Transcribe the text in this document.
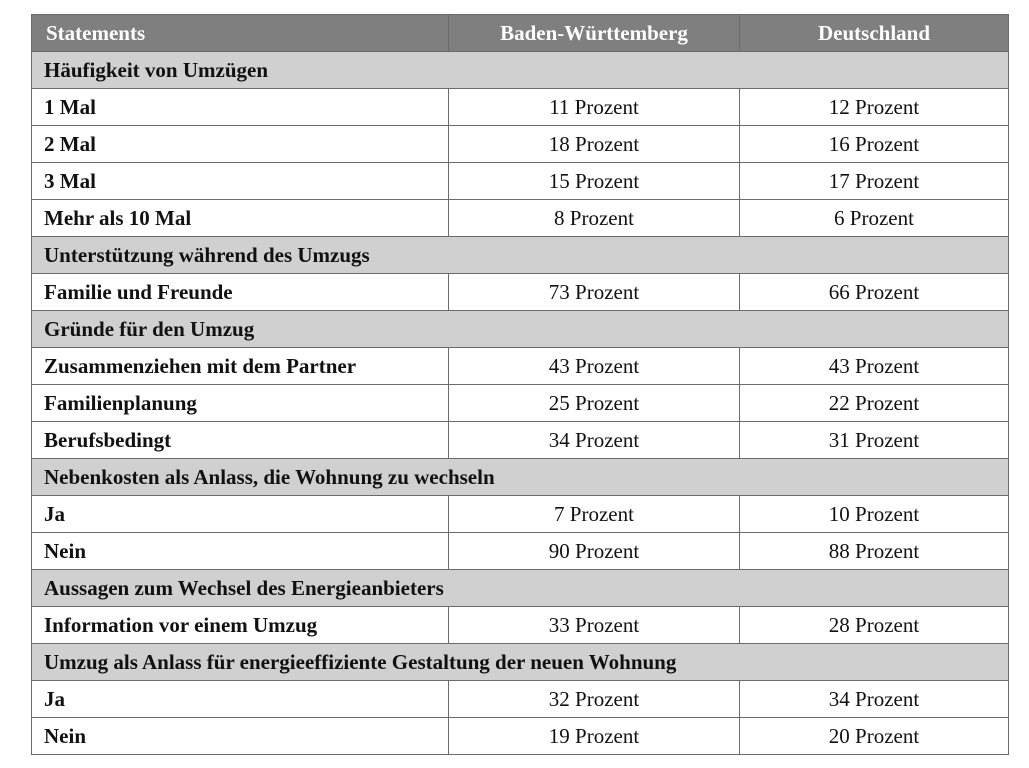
Statements	Baden-Württemberg	Deutschland
Häufigkeit von Umzügen		
1 Mal	11 Prozent	12 Prozent
2 Mal	18 Prozent	16 Prozent
3 Mal	15 Prozent	17 Prozent
Mehr als 10 Mal	8 Prozent	6 Prozent
Unterstützung während des Umzugs		
Familie und Freunde	73 Prozent	66 Prozent
Gründe für den Umzug		
Zusammenziehen mit dem Partner	43 Prozent	43 Prozent
Familienplanung	25 Prozent	22 Prozent
Berufsbedingt	34 Prozent	31 Prozent
Nebenkosten als Anlass, die Wohnung zu wechseln		
Ja	7 Prozent	10 Prozent
Nein	90 Prozent	88 Prozent
Aussagen zum Wechsel des Energieanbieters		
Information vor einem Umzug	33 Prozent	28 Prozent
Umzug als Anlass für energieeffiziente Gestaltung der neuen Wohnung		
Ja	32 Prozent	34 Prozent
Nein	19 Prozent	20 Prozent
